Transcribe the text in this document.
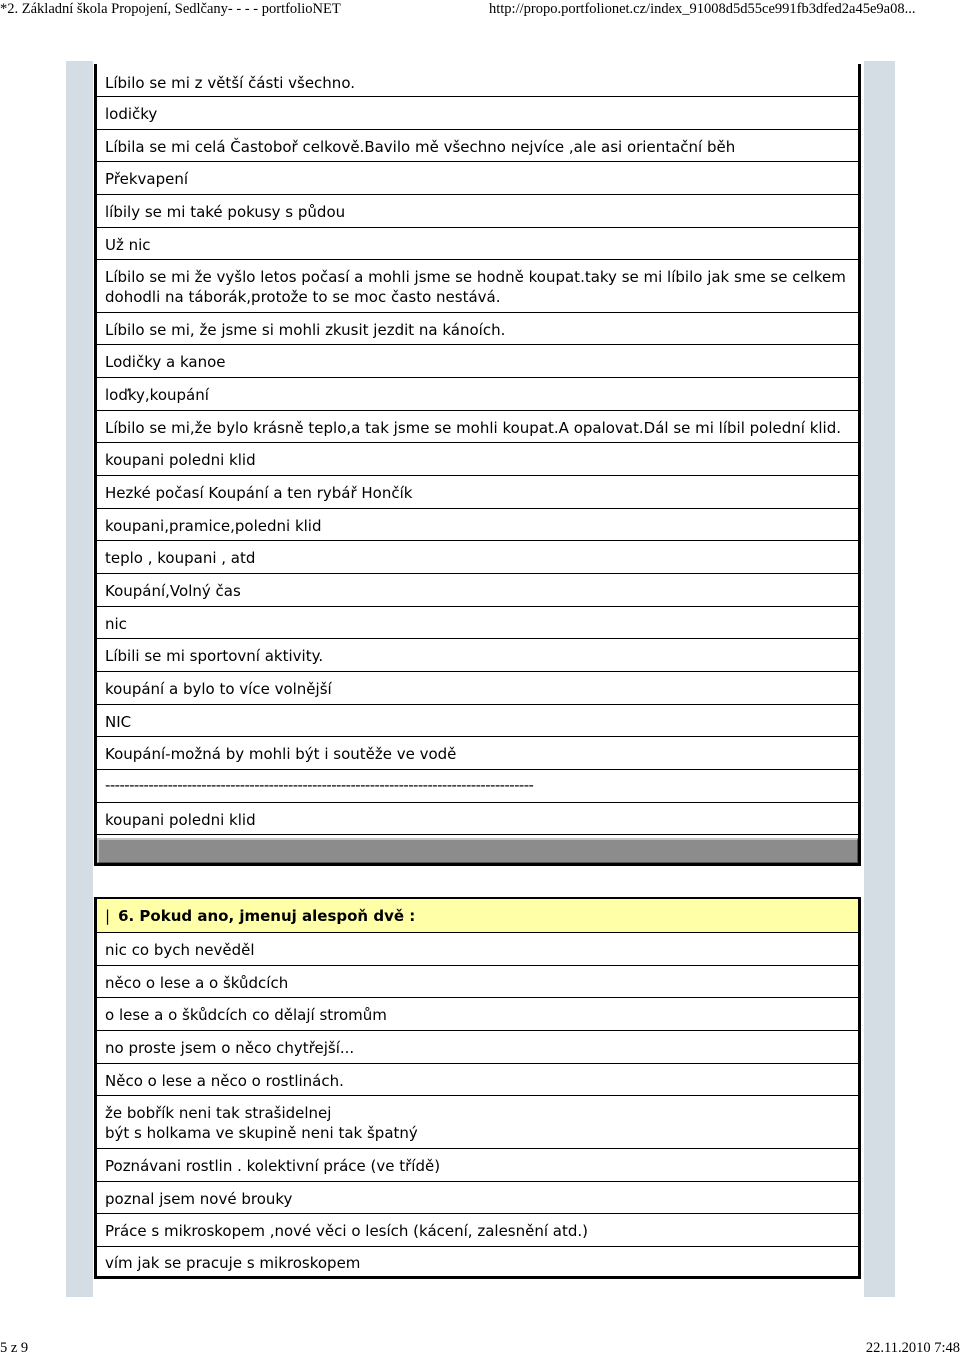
*2. Základní škola Propojení, Sedlčany- - - - portfolioNET	http://propo.portfolionet.cz/index_91008d5d55ce991fb3dfed2a45e9a08...
Líbilo se mi z větší části všechno.
lodičky
Líbila se mi celá Častoboř celkově.Bavilo mě všechno nejvíce ,ale asi orientační běh
Překvapení
líbily se mi také pokusy s půdou
Už nic
Líbilo se mi že vyšlo letos počasí a mohli jsme se hodně koupat.taky se mi líbilo jak sme se celkem
dohodli na táborák,protože to se moc často nestává.
Líbilo se mi, že jsme si mohli zkusit jezdit na kánoích.
Lodičky a kanoe
loďky,koupání
Líbilo se mi,že bylo krásně teplo,a tak jsme se mohli koupat.A opalovat.Dál se mi líbil polední klid.
koupani poledni klid
Hezké počasí Koupání a ten rybář Hončík
koupani,pramice,poledni klid
teplo , koupani , atd
Koupání,Volný čas
nic
Líbili se mi sportovní aktivity.
koupání a bylo to více volnější
NIC
Koupání-možná by mohli být i soutěže ve vodě
-----------------------------------------------------------------------------------------
koupani poledni klid
| 6. Pokud ano, jmenuj alespoň dvě :
nic co bych nevěděl
něco o lese a o škůdcích
o lese a o škůdcích co dělají stromům
no proste jsem o něco chytřejší...
Něco o lese a něco o rostlinách.
že bobřík neni tak strašidelnej
být s holkama ve skupině neni tak špatný
Poznávani rostlin . kolektivní práce (ve třídě)
poznal jsem nové brouky
Práce s mikroskopem ,nové věci o lesích (kácení, zalesnění atd.)
vím jak se pracuje s mikroskopem
5 z 9	22.11.2010 7:48
